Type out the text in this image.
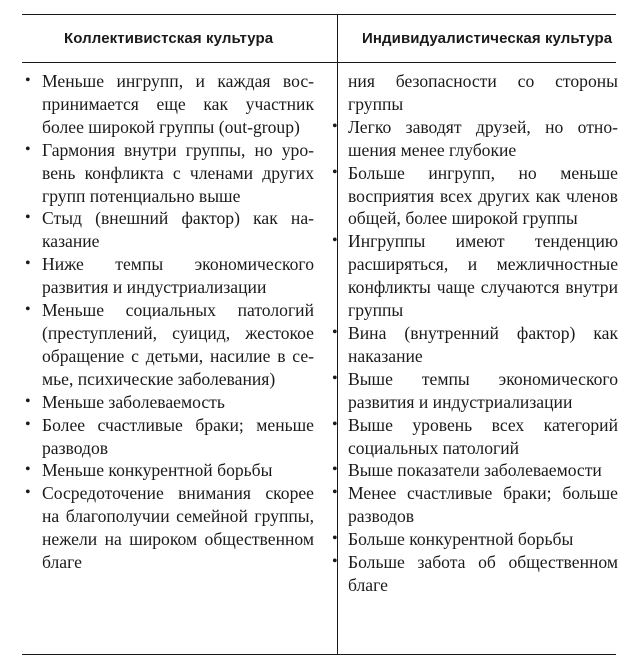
Коллективистская культура	Индивидуалистическая культура
• Меньше ингрупп, и каждая воспринимается еще как участник более широкой группы (out-group)
• Гармония внутри группы, но уровень конфликта с членами других групп потенциально выше
• Стыд (внешний фактор) как наказание
• Ниже темпы экономического развития и индустриализации
• Меньше социальных патологий (преступлений, суицид, жестокое обращение с детьми, насилие в семье, психические заболевания)
• Меньше заболеваемость
• Более счастливые браки; меньше разводов
• Меньше конкурентной борьбы
• Сосредоточение внимания скорее на благополучии семейной группы, нежели на широком общественном благе
ния безопасности со стороны группы
• Легко заводят друзей, но отношения менее глубокие
• Больше ингрупп, но меньше восприятия всех других как членов общей, более широкой группы
• Ингруппы имеют тенденцию расширяться, и межличностные конфликты чаще случаются внутри группы
• Вина (внутренний фактор) как наказание
• Выше темпы экономического развития и индустриализации
• Выше уровень всех категорий социальных патологий
• Выше показатели заболеваемости
• Менее счастливые браки; больше разводов
• Больше конкурентной борьбы
• Больше забота об общественном благе
